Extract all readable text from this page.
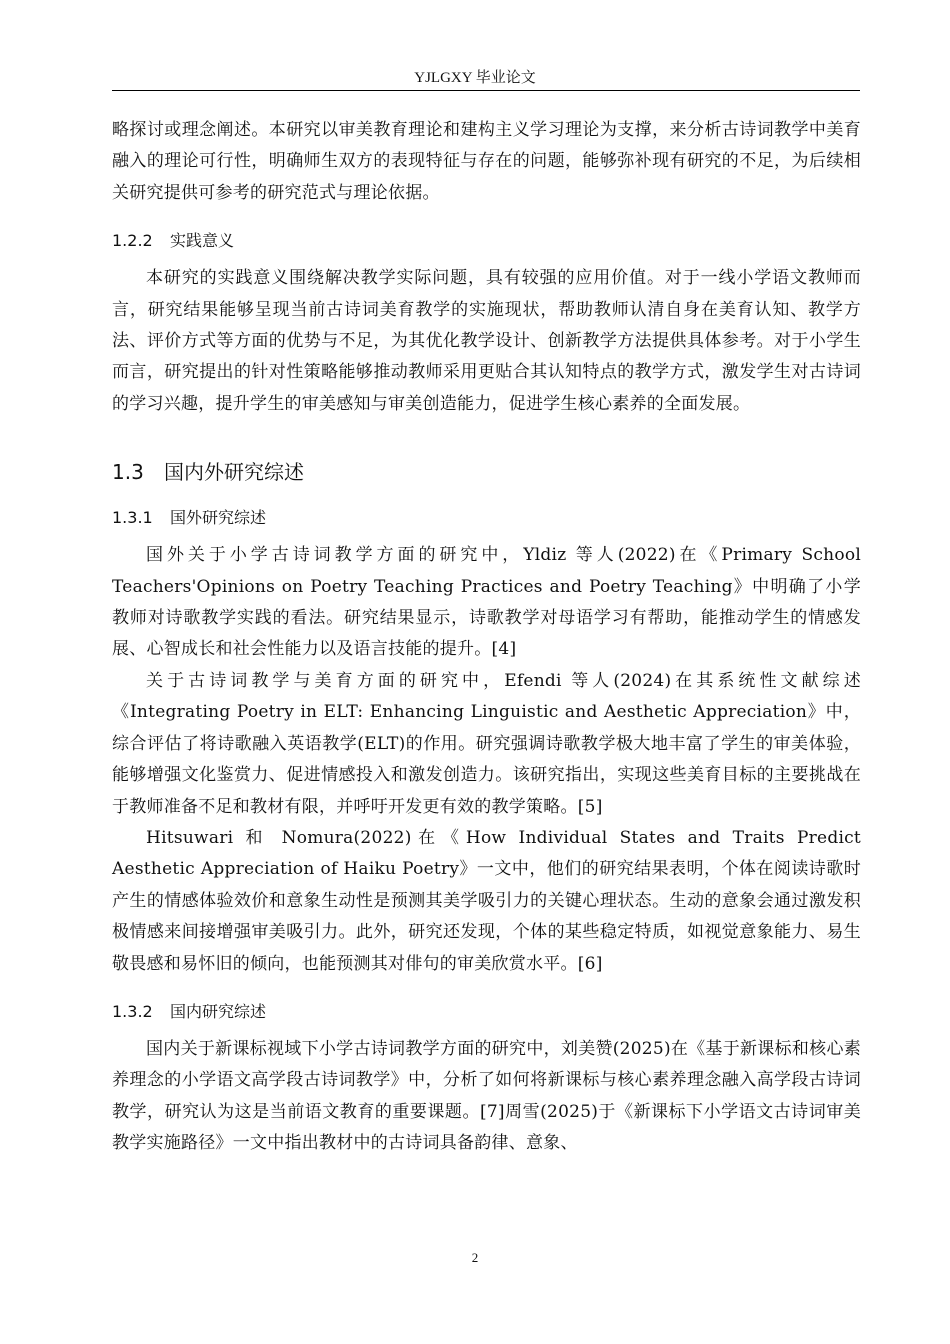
YJLGXY 毕业论文

略探讨或理念阐述。本研究以审美教育理论和建构主义学习理论为支撑，来分析古诗词教学中美育融入的理论可行性，明确师生双方的表现特征与存在的问题，能够弥补现有研究的不足，为后续相关研究提供可参考的研究范式与理论依据。

1.2.2 实践意义

本研究的实践意义围绕解决教学实际问题，具有较强的应用价值。对于一线小学语文教师而言，研究结果能够呈现当前古诗词美育教学的实施现状，帮助教师认清自身在美育认知、教学方法、评价方式等方面的优势与不足，为其优化教学设计、创新教学方法提供具体参考。对于小学生而言，研究提出的针对性策略能够推动教师采用更贴合其认知特点的教学方式，激发学生对古诗词的学习兴趣，提升学生的审美感知与审美创造能力，促进学生核心素养的全面发展。

1.3 国内外研究综述
1.3.1 国外研究综述

国外关于小学古诗词教学方面的研究中，Yldiz 等人(2022)在《Primary School Teachers'Opinions on Poetry Teaching Practices and Poetry Teaching》中明确了小学教师对诗歌教学实践的看法。研究结果显示，诗歌教学对母语学习有帮助，能推动学生的情感发展、心智成长和社会性能力以及语言技能的提升。[4]

关于古诗词教学与美育方面的研究中，Efendi 等人(2024)在其系统性文献综述《Integrating Poetry in ELT: Enhancing Linguistic and Aesthetic Appreciation》中，综合评估了将诗歌融入英语教学(ELT)的作用。研究强调诗歌教学极大地丰富了学生的审美体验，能够增强文化鉴赏力、促进情感投入和激发创造力。该研究指出，实现这些美育目标的主要挑战在于教师准备不足和教材有限，并呼吁开发更有效的教学策略。[5]

Hitsuwari 和 Nomura(2022)在《How Individual States and Traits Predict Aesthetic Appreciation of Haiku Poetry》一文中，他们的研究结果表明，个体在阅读诗歌时产生的情感体验效价和意象生动性是预测其美学吸引力的关键心理状态。生动的意象会通过激发积极情感来间接增强审美吸引力。此外，研究还发现，个体的某些稳定特质，如视觉意象能力、易生敬畏感和易怀旧的倾向，也能预测其对俳句的审美欣赏水平。[6]

1.3.2 国内研究综述

国内关于新课标视域下小学古诗词教学方面的研究中，刘美赞(2025)在《基于新课标和核心素养理念的小学语文高学段古诗词教学》中，分析了如何将新课标与核心素养理念融入高学段古诗词教学，研究认为这是当前语文教育的重要课题。[7]周雪(2025)于《新课标下小学语文古诗词审美教学实施路径》一文中指出教材中的古诗词具备韵律、意象、

2
